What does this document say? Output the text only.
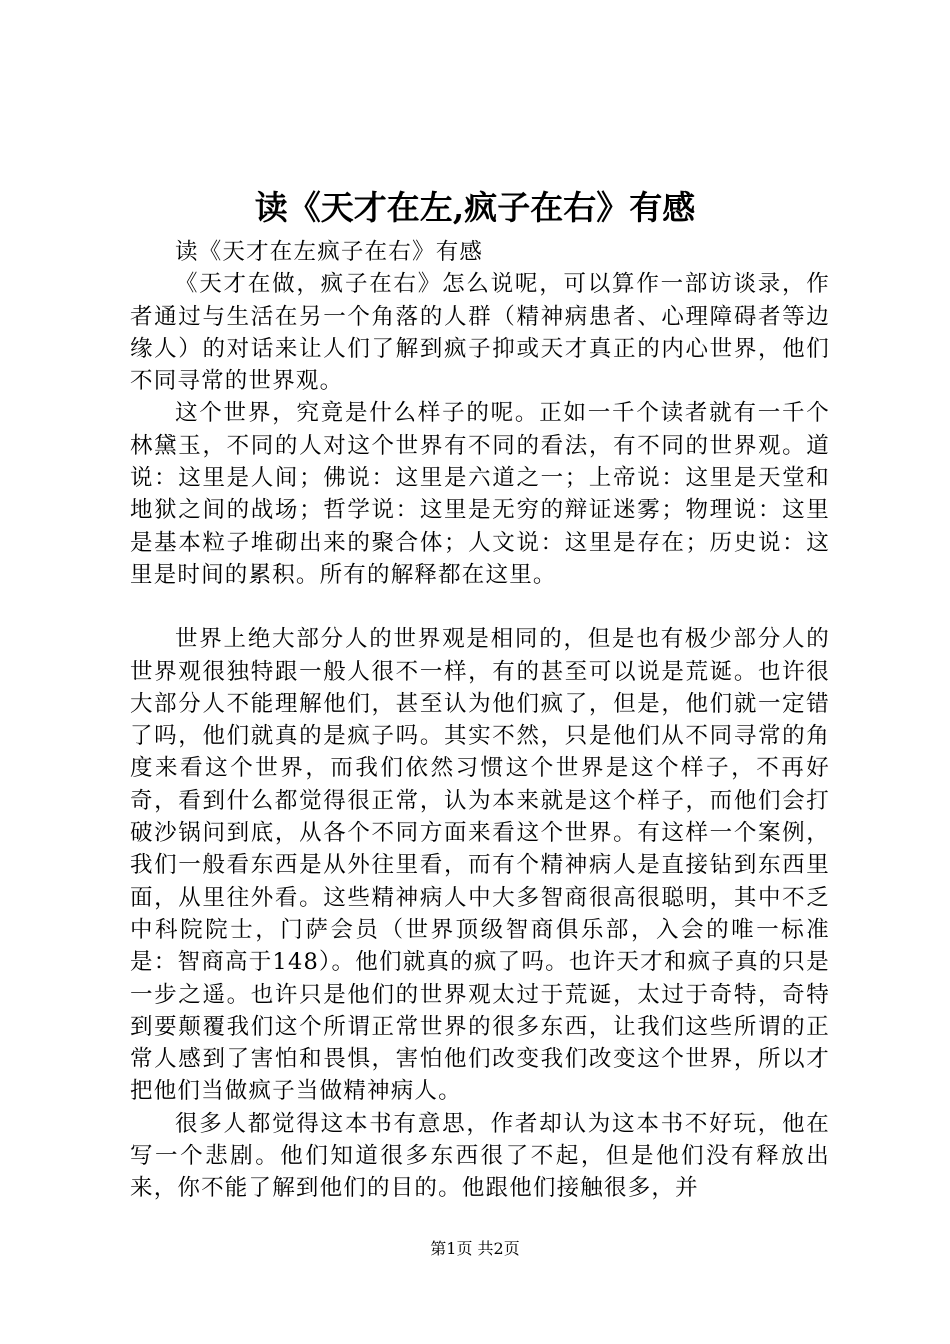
读《天才在左,疯子在右》有感

读《天才在左疯子在右》有感

《天才在做，疯子在右》怎么说呢，可以算作一部访谈录，作者通过与生活在另一个角落的人群（精神病患者、心理障碍者等边缘人）的对话来让人们了解到疯子抑或天才真正的内心世界，他们不同寻常的世界观。

这个世界，究竟是什么样子的呢。正如一千个读者就有一千个林黛玉，不同的人对这个世界有不同的看法，有不同的世界观。道说：这里是人间；佛说：这里是六道之一；上帝说：这里是天堂和地狱之间的战场；哲学说：这里是无穷的辩证迷雾；物理说：这里是基本粒子堆砌出来的聚合体；人文说：这里是存在；历史说：这里是时间的累积。所有的解释都在这里。

世界上绝大部分人的世界观是相同的，但是也有极少部分人的世界观很独特跟一般人很不一样，有的甚至可以说是荒诞。也许很大部分人不能理解他们，甚至认为他们疯了，但是，他们就一定错了吗，他们就真的是疯子吗。其实不然，只是他们从不同寻常的角度来看这个世界，而我们依然习惯这个世界是这个样子，不再好奇，看到什么都觉得很正常，认为本来就是这个样子，而他们会打破沙锅问到底，从各个不同方面来看这个世界。有这样一个案例，我们一般看东西是从外往里看，而有个精神病人是直接钻到东西里面，从里往外看。这些精神病人中大多智商很高很聪明，其中不乏中科院院士，门萨会员（世界顶级智商俱乐部，入会的唯一标准是：智商高于148）。他们就真的疯了吗。也许天才和疯子真的只是一步之遥。也许只是他们的世界观太过于荒诞，太过于奇特，奇特到要颠覆我们这个所谓正常世界的很多东西，让我们这些所谓的正常人感到了害怕和畏惧，害怕他们改变我们改变这个世界，所以才把他们当做疯子当做精神病人。

很多人都觉得这本书有意思，作者却认为这本书不好玩，他在写一个悲剧。他们知道很多东西很了不起，但是他们没有释放出来，你不能了解到他们的目的。他跟他们接触很多，并

第1页 共2页
